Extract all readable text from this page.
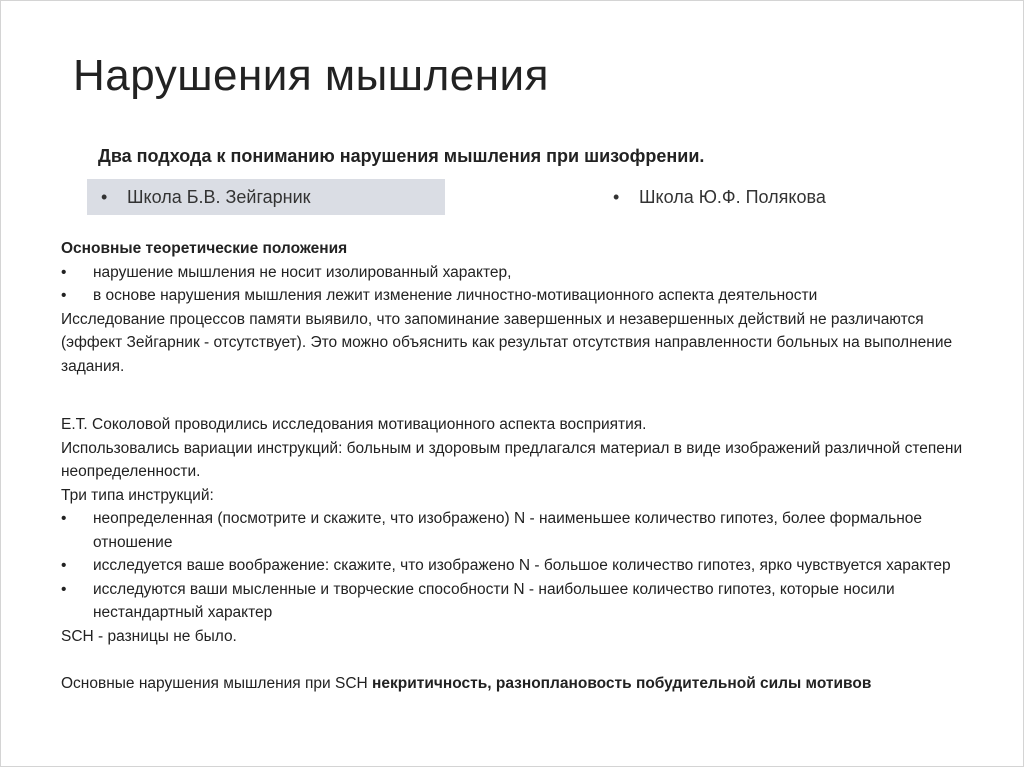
Нарушения мышления
Два подхода к пониманию нарушения мышления при шизофрении.
•	Школа Б.В. Зейгарник	•	Школа Ю.Ф. Полякова

Основные теоретические положения

•	нарушение мышления не носит изолированный характер,
•	в основе нарушения мышления лежит изменение личностно-мотивационного аспекта деятельности

Исследование процессов памяти выявило, что запоминание завершенных и незавершенных действий не различаются (эффект Зейгарник - отсутствует). Это можно объяснить как результат отсутствия направленности больных на выполнение задания.

Е.Т. Соколовой проводились исследования мотивационного аспекта восприятия.

Использовались вариации инструкций: больным и здоровым предлагался материал в виде изображений различной степени неопределенности.

Три типа инструкций:

•	неопределенная (посмотрите и скажите, что изображено) N - наименьшее количество гипотез, более формальное отношение
•	исследуется ваше воображение: скажите, что изображено N - большое количество гипотез, ярко чувствуется характер
•	исследуются ваши мысленные и творческие способности N - наибольшее количество гипотез, которые носили нестандартный характер

SCH - разницы не было.

Основные нарушения мышления при SCH некритичность, разноплановость побудительной силы мотивов
